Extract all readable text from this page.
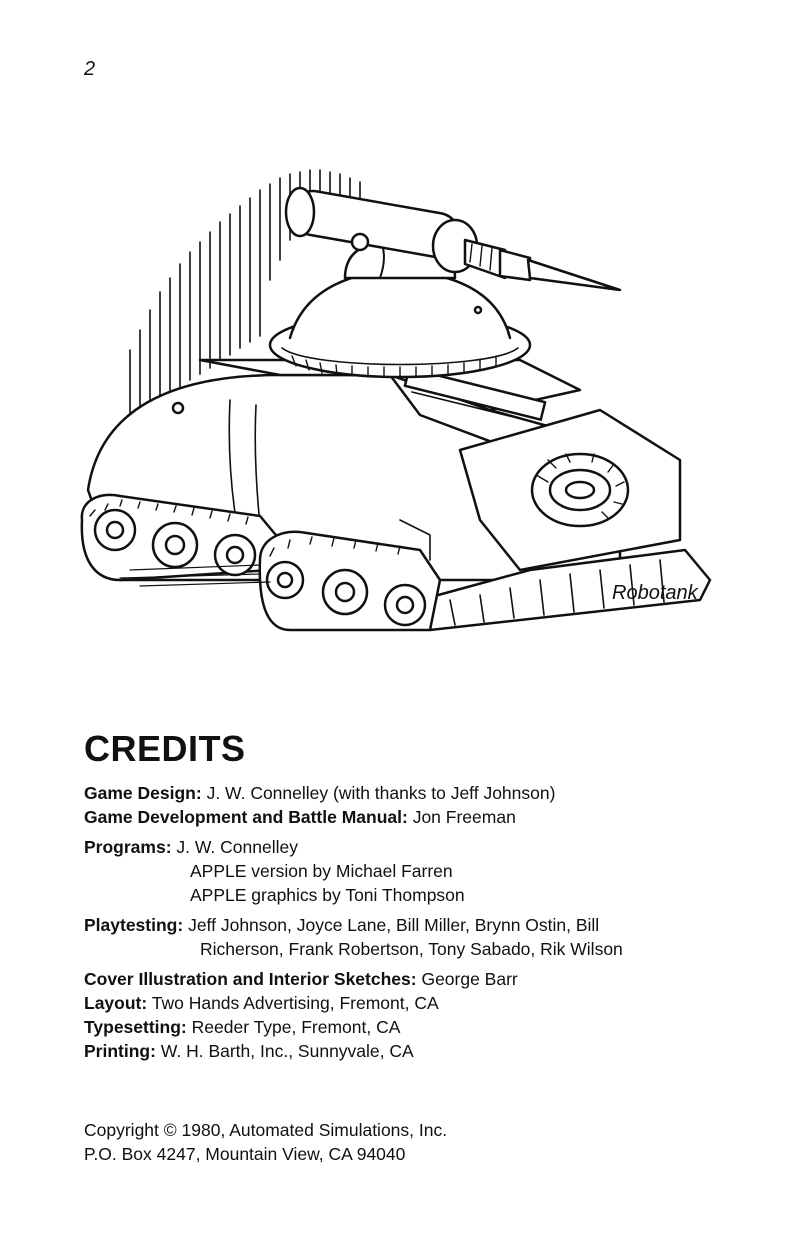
2
Robotank
CREDITS

Game Design: J. W. Connelley (with thanks to Jeff Johnson)

Game Development and Battle Manual: Jon Freeman

Programs: J. W. Connelley

APPLE version by Michael Farren

APPLE graphics by Toni Thompson

Playtesting: Jeff Johnson, Joyce Lane, Bill Miller, Brynn Ostin, Bill

Richerson, Frank Robertson, Tony Sabado, Rik Wilson

Cover Illustration and Interior Sketches: George Barr

Layout: Two Hands Advertising, Fremont, CA

Typesetting: Reeder Type, Fremont, CA

Printing: W. H. Barth, Inc., Sunnyvale, CA

Copyright © 1980, Automated Simulations, Inc.
P.O. Box 4247, Mountain View, CA 94040
